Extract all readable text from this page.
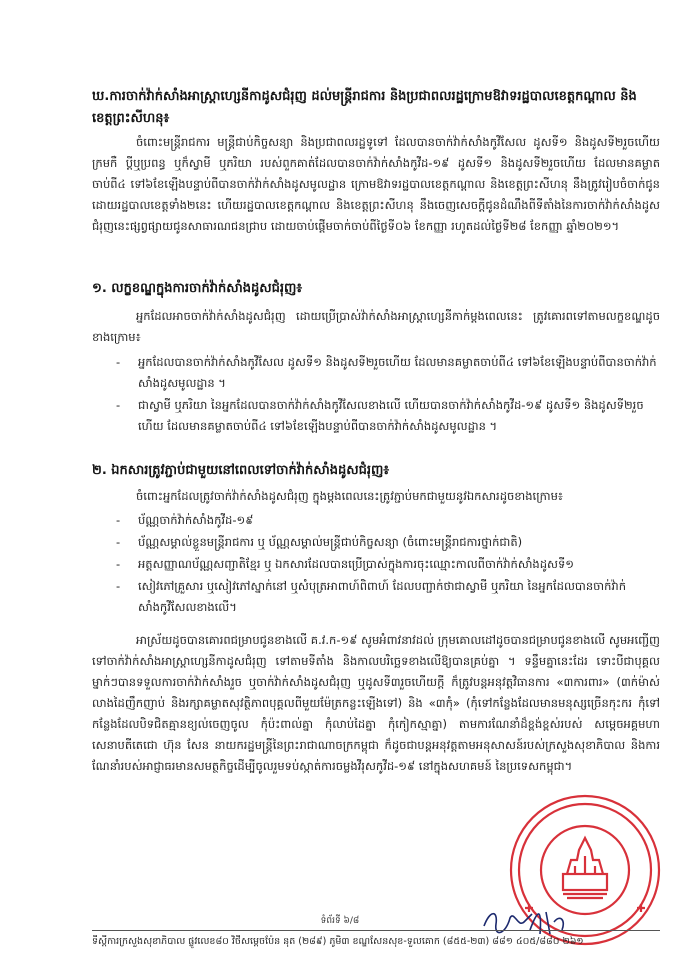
ឃ.ការចាក់វ៉ាក់សាំងអាស្ត្រាហ្សេនីកាដូសជំរុញ ដល់មន្ត្រីរាជការ និងប្រជាពលរដ្ឋក្រោមឱវាទរដ្ឋបាលខេត្តកណ្ដាល និងខេត្តព្រះសីហនុ៖
ចំពោះមន្ត្រីរាជការ មន្ត្រីជាប់កិច្ចសន្យា និងប្រជាពលរដ្ឋទូទៅ ដែលបានចាក់វ៉ាក់សាំងកូវីសែល ដូសទី១ និងដូសទី២រួចហើយ ក្រមកឺ ប្ដីឬប្រពន្ធ ឬក៏ស្វាមី ឬភរិយា របស់ពួកគាត់ដែលបានចាក់វ៉ាក់សាំងកូវីដ-១៩ ដូសទី១ និងដូសទី២រួចហើយ ដែលមានគម្លាតចាប់ពី៤ ទៅ៦ខែឡើងបន្ទាប់ពីបានចាក់វ៉ាក់សាំងដូសមូលដ្ឋាន ក្រោមឱវាទរដ្ឋបាលខេត្តកណ្ដាល និងខេត្តព្រះសីហនុ នឹងត្រូវរៀបចំចាក់ជូនដោយរដ្ឋបាលខេត្តទាំង២នេះ ហើយរដ្ឋបាលខេត្តកណ្ដាល និងខេត្តព្រះសីហនុ នឹងចេញសេចក្ដីជូនដំណឹងពីទីតាំងនៃការចាក់វ៉ាក់សាំងដូសជំរុញនេះផ្សព្វផ្សាយជូនសាធារណជនជ្រាប ដោយចាប់ផ្ដើមចាក់ចាប់ពីថ្ងៃទី០៦ ខែកញ្ញា រហូតដល់ថ្ងៃទី២៨ ខែកញ្ញា ឆ្នាំ២០២១។
១. លក្ខខណ្ឌក្នុងការចាក់វ៉ាក់សាំងដូសជំរុញ៖
អ្នកដែលអាចចាក់វ៉ាក់សាំងដូសជំរុញ ដោយប្រើប្រាស់វ៉ាក់សាំងអាស្ត្រាហ្សេនីកាក់ម្ដងពេលនេះ ត្រូវគោរពទៅតាមលក្ខខណ្ឌដូចខាងក្រោម៖
- អ្នកដែលបានចាក់វ៉ាក់សាំងកូវីសែល ដូសទី១ និងដូសទី២រួចហើយ ដែលមានគម្លាតចាប់ពី៤ ទៅ៦ខែឡើងបន្ទាប់ពីបានចាក់វ៉ាក់សាំងដូសមូលដ្ឋាន ។
- ជាស្វាមី ឬភរិយា នៃអ្នកដែលបានចាក់វ៉ាក់សាំងកូវីសែលខាងលើ ហើយបានចាក់វ៉ាក់សាំងកូវីដ-១៩ ដូសទី១ និងដូសទី២រួចហើយ ដែលមានគម្លាតចាប់ពី៤ ទៅ៦ខែឡើងបន្ទាប់ពីបានចាក់វ៉ាក់សាំងដូសមូលដ្ឋាន ។
២. ឯកសារត្រូវភ្ជាប់ជាមួយនៅពេលទៅចាក់វ៉ាក់សាំងដូសជំរុញ៖
ចំពោះអ្នកដែលត្រូវចាក់វ៉ាក់សាំងដូសជំរុញ ក្នុងម្ដងពេលនេះត្រូវភ្ជាប់មកជាមួយនូវឯកសារដូចខាងក្រោម៖
- ប័ណ្ណចាក់វ៉ាក់សាំងកូវីដ-១៩
- ប័ណ្ណសម្គាល់ខ្លួនមន្ត្រីរាជការ ឬ ប័ណ្ណសម្គាល់មន្ត្រីជាប់កិច្ចសន្យា (ចំពោះមន្ត្រីរាជការថ្នាក់ជាតិ)
- អត្តសញ្ញាណប័ណ្ណសញ្ជាតិខ្មែរ ឬ ឯកសារដែលបានប្រើប្រាស់ក្នុងការចុះឈ្មោះកាលពីចាក់វ៉ាក់សាំងដូសទី១
- សៀវភៅគ្រួសារ ឬសៀវភៅស្នាក់នៅ ឬសំបុត្រអាពាហ៍ពិពាហ៍ ដែលបញ្ជាក់ថាជាស្វាមី ឬភរិយា នៃអ្នកដែលបានចាក់វ៉ាក់សាំងកូវីសែលខាងលើ។
អាស្រ័យដូចបានគោរពជម្រាបជូនខាងលើ គ.វ.ក-១៩ សូមអំពាវនាវដល់ ក្រុមគោលដៅដូចបានជម្រាបជូនខាងលើ សូមអញ្ជើញទៅចាក់វ៉ាក់សាំងអាស្ត្រាហ្សេនីកាដូសជំរុញ ទៅតាមទីតាំង និងកាលបរិច្ឆេទខាងលើឱ្យបានគ្រប់គ្នា ។ ទន្ទឹមគ្នានេះដែរ ទោះបីជាបុគ្គលម្នាក់ៗបានទទួលការចាក់វ៉ាក់សាំងរួច ឬចាក់វ៉ាក់សាំងដូសជំរុញ ឬដូសទី៣រួចហើយក្ដី ក៏ត្រូវបន្តអនុវត្តវិធានការ «៣ការពារ» (៣ក់ម៉ាស់ លាងដៃញឹកញាប់ និងរក្សាគម្លាតសុវត្ថិភាពបុគ្គលពីមួយម៉ែត្រកន្លះឡើងទៅ) និង «៣កុំ» (កុំទៅកន្លែងដែលមានមនុស្សច្រើនកុះករ កុំទៅកន្លែងដែលបិទជិតគ្មានខ្យល់ចេញចូល កុំប៉ះពាល់គ្នា កុំលាប់ដៃគ្នា កុំកៀកស្មាគ្នា) តាមការណែនាំដ៏ខ្ពង់ខ្ពស់របស់ សម្ដេចអគ្គមហាសេនាបតីតេជោ ហ៊ុន សែន នាយករដ្ឋមន្ត្រីនៃព្រះរាជាណាចក្រកម្ពុជា ក៏ដូចជាបន្តអនុវត្តតាមអនុសាសន៍របស់ក្រសួងសុខាភិបាល និងការណែនាំរបស់អាជ្ញាធរមានសមត្ថកិច្ចដើម្បីចូលរួមទប់ស្កាត់ការចម្លងវីរុសកូវីដ-១៩ នៅក្នុងសហគមន៍ នៃប្រទេសកម្ពុជា។
ទំព័រទី ៦/៨
ទីស្ដីការក្រសួងសុខាភិបាល ផ្លូវលេខ៨០ វិថីសម្ដេចប៉ែន នុត (២៨៩) ភូមិ៣ ខណ្ឌសែនសុខ-ទួលគោក (៨៥៥-២៣) ៨៨១ ៤០៥/៨៨០ ២៦១
